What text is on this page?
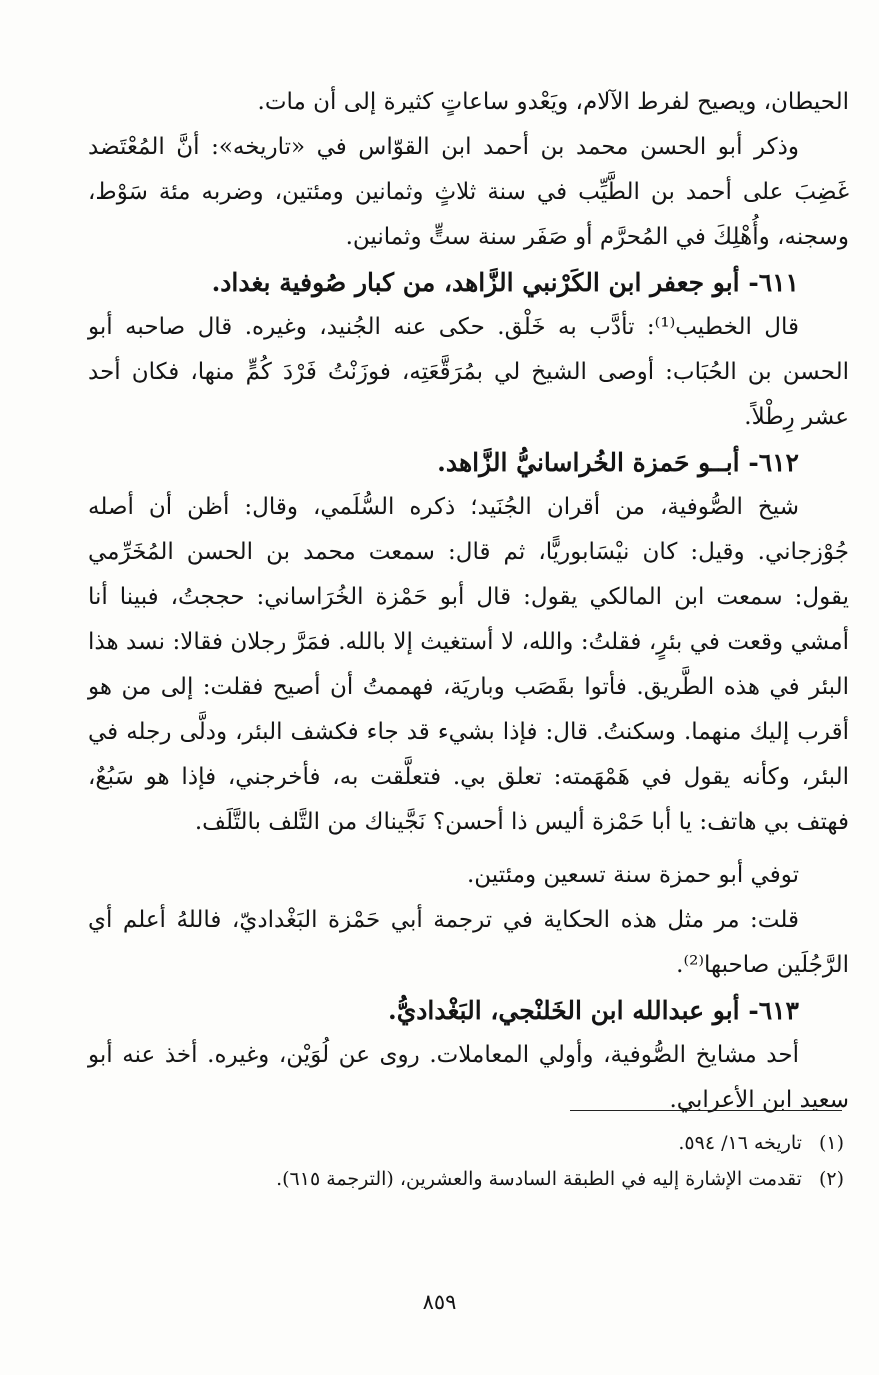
الحيطان، ويصيح لفرط الآلام، ويَعْدو ساعاتٍ كثيرة إلى أن مات.

وذكر أبو الحسن محمد بن أحمد ابن القوّاس في «تاريخه»: أنَّ المُعْتَضد غَضِبَ على أحمد بن الطَّيِّب في سنة ثلاثٍ وثمانين ومئتين، وضربه مئة سَوْط، وسجنه، وأُهْلِكَ في المُحرَّم أو صَفَر سنة ستٍّ وثمانين.

٦١١- أبو جعفر ابن الكَرْنبي الزَّاهد، من كبار صُوفية بغداد.

قال الخطيب⁽¹⁾: تأدَّب به خَلْق. حكى عنه الجُنيد، وغيره. قال صاحبه أبو الحسن بن الحُبَاب: أوصى الشيخ لي بمُرَقَّعَتِه، فوزَنْتُ فَرْدَ كُمٍّ منها، فكان أحد عشر رِطْلاً.

٦١٢- أبــو حَمزة الخُراسانيُّ الزَّاهد.

شيخ الصُّوفية، من أقران الجُنَيد؛ ذكره السُّلَمي، وقال: أظن أن أصله جُوْزجاني. وقيل: كان نيْسَابوريًّا، ثم قال: سمعت محمد بن الحسن المُخَرِّمي يقول: سمعت ابن المالكي يقول: قال أبو حَمْزة الخُرَاساني: حججتُ، فبينا أنا أمشي وقعت في بئرٍ، فقلتُ: والله، لا أستغيث إلا بالله. فمَرَّ رجلان فقالا: نسد هذا البئر في هذه الطَّريق. فأتوا بقَصَب وباريَة، فهممتُ أن أصيح فقلت: إلى من هو أقرب إليك منهما. وسكنتُ. قال: فإذا بشيء قد جاء فكشف البئر، ودلَّى رجله في البئر، وكأنه يقول في هَمْهَمته: تعلق بي. فتعلَّقت به، فأخرجني، فإذا هو سَبُعٌ، فهتف بي هاتف: يا أبا حَمْزة أليس ذا أحسن؟ نَجَّيناك من التَّلف بالتَّلَف.

توفي أبو حمزة سنة تسعين ومئتين.

قلت: مر مثل هذه الحكاية في ترجمة أبي حَمْزة البَغْداديّ، فاللهُ أعلم أي الرَّجُلَين صاحبها⁽²⁾.

٦١٣- أبو عبدالله ابن الخَلنْجي، البَغْداديُّ.

أحد مشايخ الصُّوفية، وأولي المعاملات. روى عن لُوَيْن، وغيره. أخذ عنه أبو سعيد ابن الأعرابي.

(١) تاريخه ١٦/ ٥٩٤.

(٢) تقدمت الإشارة إليه في الطبقة السادسة والعشرين، (الترجمة ٦١٥).

٨٥٩
